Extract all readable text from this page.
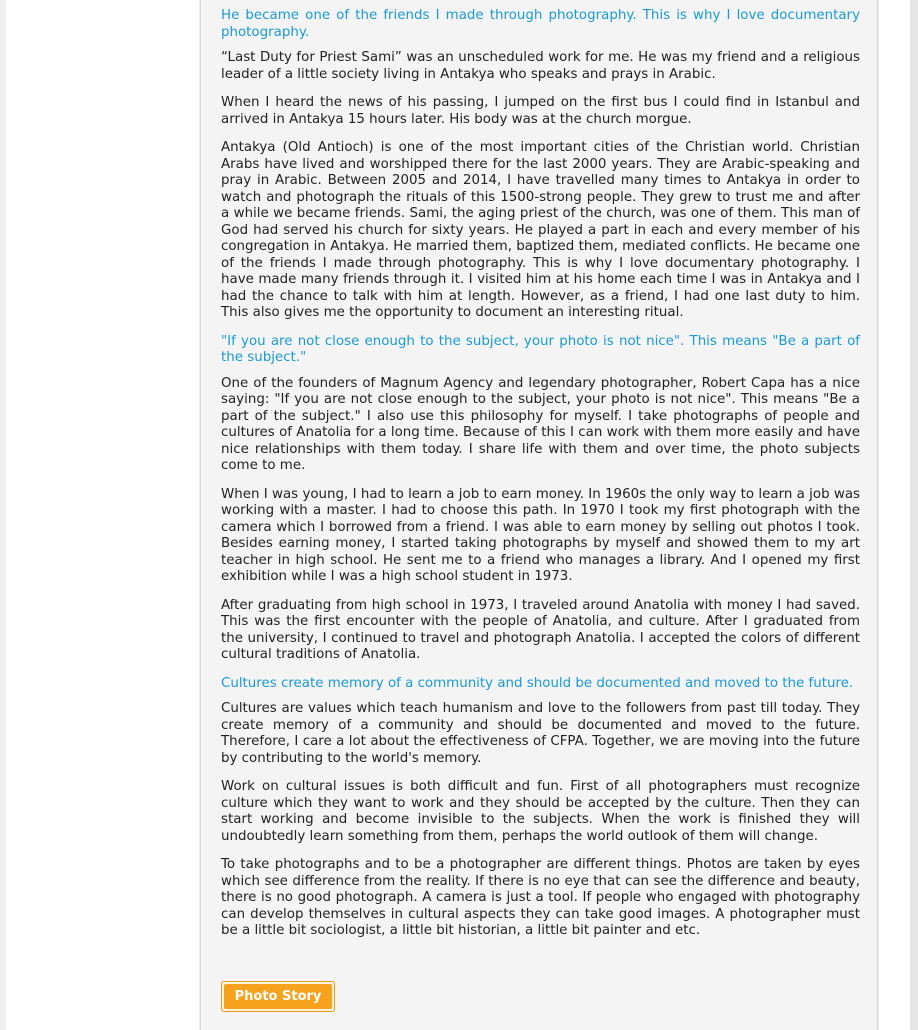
He became one of the friends I made through photography. This is why I love documentary photography.

“Last Duty for Priest Sami” was an unscheduled work for me. He was my friend and a religious leader of a little society living in Antakya who speaks and prays in Arabic.

When I heard the news of his passing, I jumped on the first bus I could find in Istanbul and arrived in Antakya 15 hours later. His body was at the church morgue.

Antakya (Old Antioch) is one of the most important cities of the Christian world. Christian Arabs have lived and worshipped there for the last 2000 years. They are Arabic-speaking and pray in Arabic. Between 2005 and 2014, I have travelled many times to Antakya in order to watch and photograph the rituals of this 1500-strong people. They grew to trust me and after a while we became friends. Sami, the aging priest of the church, was one of them. This man of God had served his church for sixty years. He played a part in each and every member of his congregation in Antakya. He married them, baptized them, mediated conflicts. He became one of the friends I made through photography. This is why I love documentary photography. I have made many friends through it. I visited him at his home each time I was in Antakya and I had the chance to talk with him at length. However, as a friend, I had one last duty to him. This also gives me the opportunity to document an interesting ritual.

"If you are not close enough to the subject, your photo is not nice". This means "Be a part of the subject."

One of the founders of Magnum Agency and legendary photographer, Robert Capa has a nice saying: "If you are not close enough to the subject, your photo is not nice". This means "Be a part of the subject." I also use this philosophy for myself. I take photographs of people and cultures of Anatolia for a long time. Because of this I can work with them more easily and have nice relationships with them today. I share life with them and over time, the photo subjects come to me.

When I was young, I had to learn a job to earn money. In 1960s the only way to learn a job was working with a master. I had to choose this path. In 1970 I took my first photograph with the camera which I borrowed from a friend. I was able to earn money by selling out photos I took. Besides earning money, I started taking photographs by myself and showed them to my art teacher in high school. He sent me to a friend who manages a library. And I opened my first exhibition while I was a high school student in 1973.

After graduating from high school in 1973, I traveled around Anatolia with money I had saved. This was the first encounter with the people of Anatolia, and culture. After I graduated from the university, I continued to travel and photograph Anatolia. I accepted the colors of different cultural traditions of Anatolia.

Cultures create memory of a community and should be documented and moved to the future.

Cultures are values which teach humanism and love to the followers from past till today. They create memory of a community and should be documented and moved to the future. Therefore, I care a lot about the effectiveness of CFPA. Together, we are moving into the future by contributing to the world's memory.

Work on cultural issues is both difficult and fun. First of all photographers must recognize culture which they want to work and they should be accepted by the culture. Then they can start working and become invisible to the subjects. When the work is finished they will undoubtedly learn something from them, perhaps the world outlook of them will change.

To take photographs and to be a photographer are different things. Photos are taken by eyes which see difference from the reality. If there is no eye that can see the difference and beauty, there is no good photograph. A camera is just a tool. If people who engaged with photography can develop themselves in cultural aspects they can take good images. A photographer must be a little bit sociologist, a little bit historian, a little bit painter and etc.

Photo Story
